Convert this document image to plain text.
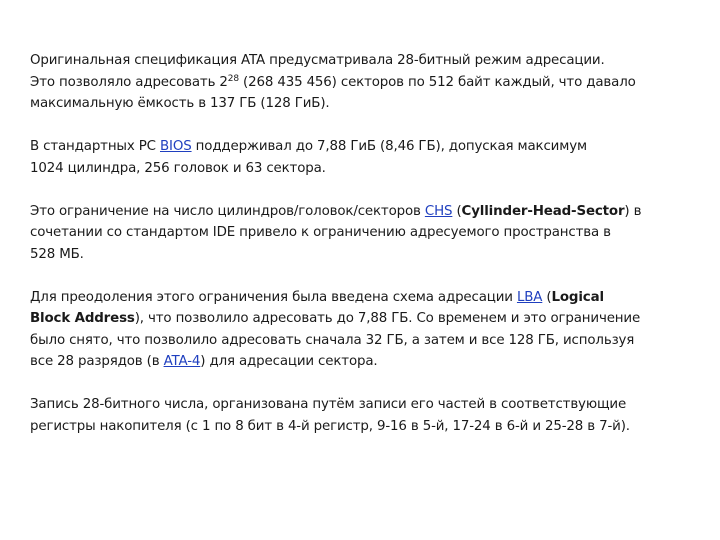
Оригинальная спецификация ATA предусматривала 28-битный режим адресации.
Это позволяло адресовать $2^{28}$ (268 435 456) секторов по 512 байт каждый, что давало
максимальную ёмкость в 137 ГБ (128 ГиБ).

В стандартных PC BIOS поддерживал до 7,88 ГиБ (8,46 ГБ), допуская максимум
1024 цилиндра, 256 головок и 63 сектора.

Это ограничение на число цилиндров/головок/секторов CHS (Cyllinder-Head-Sector) в
сочетании со стандартом IDE привело к ограничению адресуемого пространства в
528 МБ.

Для преодоления этого ограничения была введена схема адресации LBA (Logical
Block Address), что позволило адресовать до 7,88 ГБ. Со временем и это ограничение
было снято, что позволило адресовать сначала 32 ГБ, а затем и все 128 ГБ, используя
все 28 разрядов (в ATA-4) для адресации сектора.

Запись 28-битного числа, организована путём записи его частей в соответствующие
регистры накопителя (с 1 по 8 бит в 4-й регистр, 9-16 в 5-й, 17-24 в 6-й и 25-28 в 7-й).
